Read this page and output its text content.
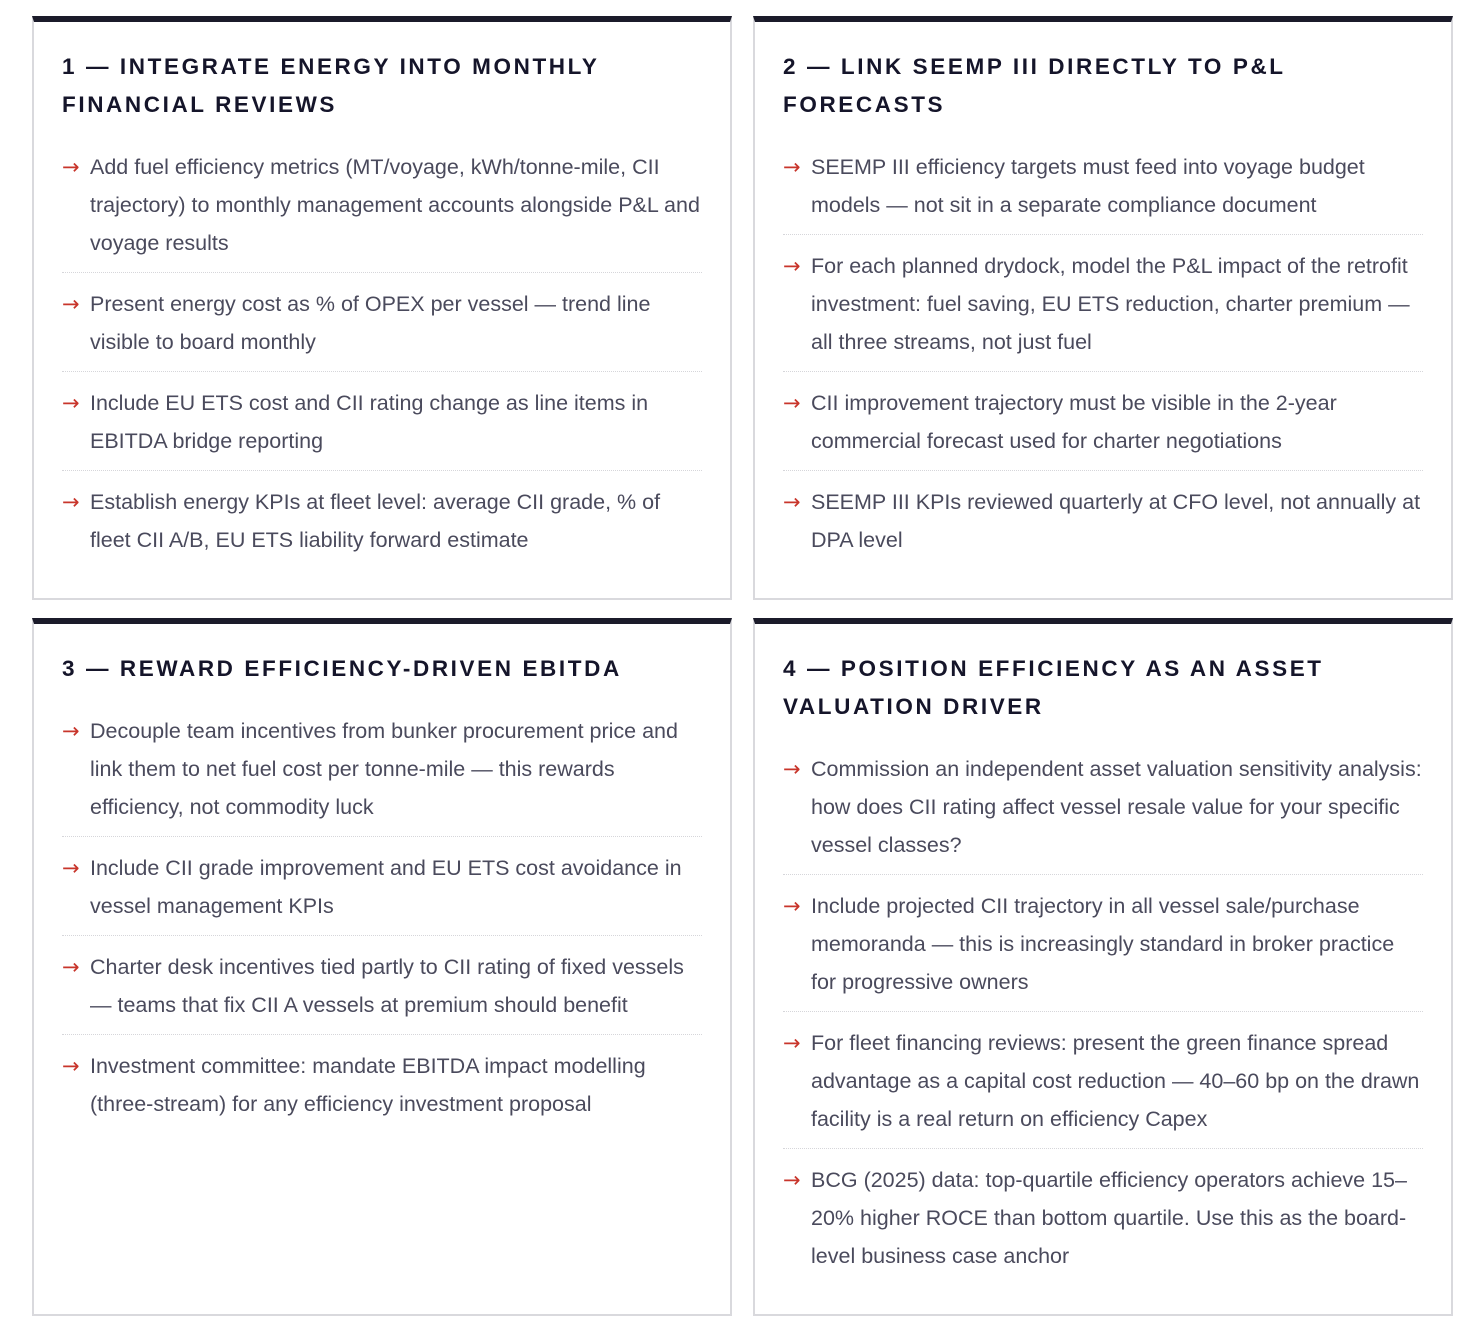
1 — INTEGRATE ENERGY INTO MONTHLY FINANCIAL REVIEWS
→ Add fuel efficiency metrics (MT/voyage, kWh/tonne-mile, CII trajectory) to monthly management accounts alongside P&L and voyage results
→ Present energy cost as % of OPEX per vessel — trend line visible to board monthly
→ Include EU ETS cost and CII rating change as line items in EBITDA bridge reporting
→ Establish energy KPIs at fleet level: average CII grade, % of fleet CII A/B, EU ETS liability forward estimate
2 — LINK SEEMP III DIRECTLY TO P&L FORECASTS
→ SEEMP III efficiency targets must feed into voyage budget models — not sit in a separate compliance document
→ For each planned drydock, model the P&L impact of the retrofit investment: fuel saving, EU ETS reduction, charter premium — all three streams, not just fuel
→ CII improvement trajectory must be visible in the 2-year commercial forecast used for charter negotiations
→ SEEMP III KPIs reviewed quarterly at CFO level, not annually at DPA level
3 — REWARD EFFICIENCY-DRIVEN EBITDA
→ Decouple team incentives from bunker procurement price and link them to net fuel cost per tonne-mile — this rewards efficiency, not commodity luck
→ Include CII grade improvement and EU ETS cost avoidance in vessel management KPIs
→ Charter desk incentives tied partly to CII rating of fixed vessels — teams that fix CII A vessels at premium should benefit
→ Investment committee: mandate EBITDA impact modelling (three-stream) for any efficiency investment proposal
4 — POSITION EFFICIENCY AS AN ASSET VALUATION DRIVER
→ Commission an independent asset valuation sensitivity analysis: how does CII rating affect vessel resale value for your specific vessel classes?
→ Include projected CII trajectory in all vessel sale/purchase memoranda — this is increasingly standard in broker practice for progressive owners
→ For fleet financing reviews: present the green finance spread advantage as a capital cost reduction — 40–60 bp on the drawn facility is a real return on efficiency Capex
→ BCG (2025) data: top-quartile efficiency operators achieve 15–20% higher ROCE than bottom quartile. Use this as the board-level business case anchor
